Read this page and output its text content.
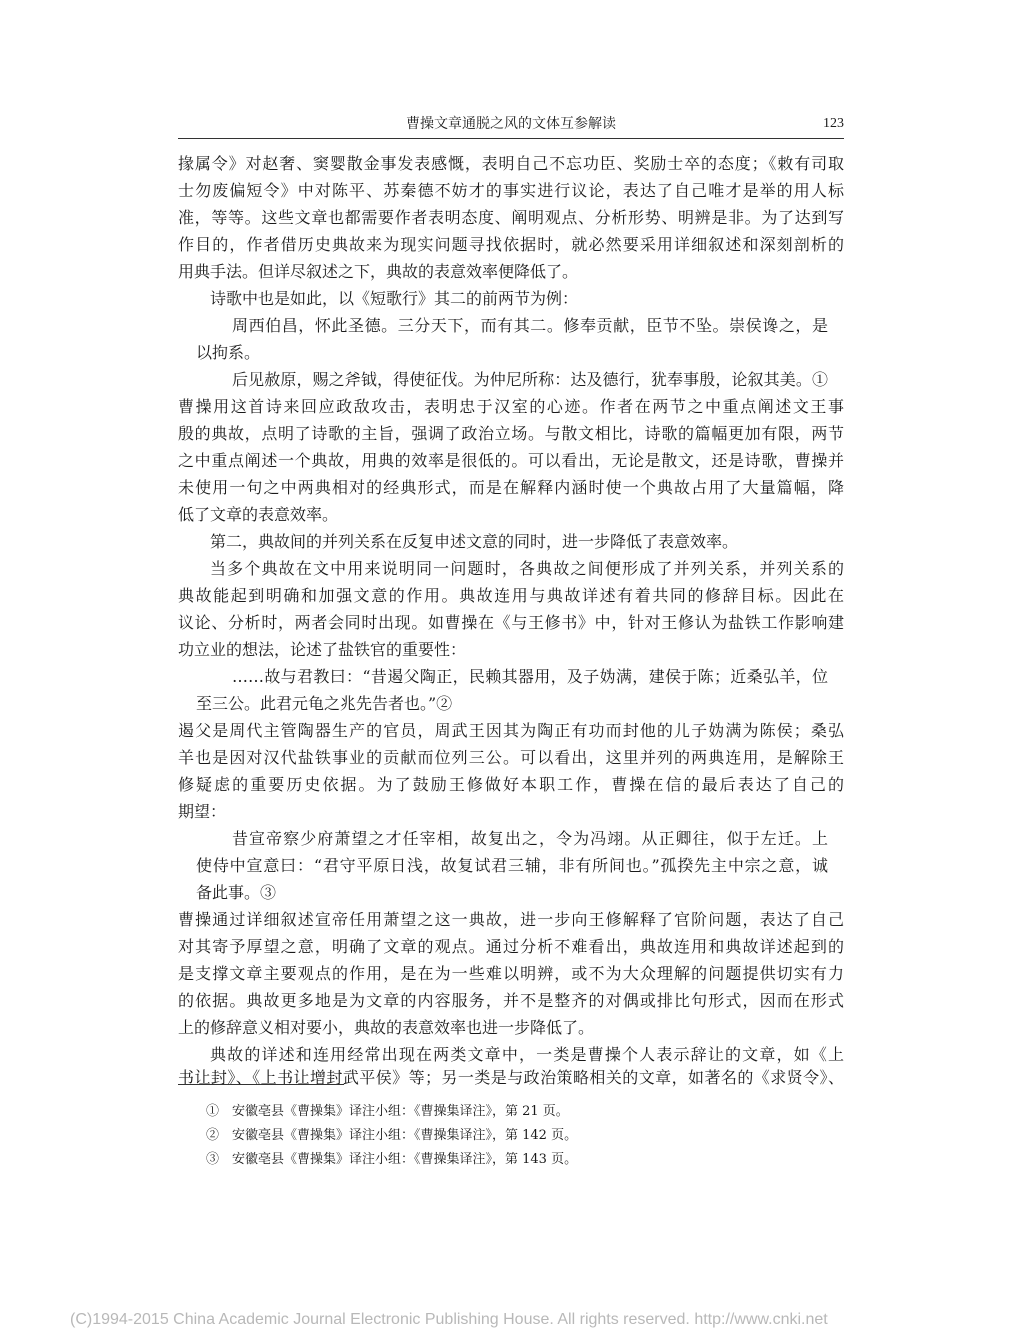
曹操文章通脱之风的文体互参解读	123
掾属令》对赵奢、窦婴散金事发表感慨，表明自己不忘功臣、奖励士卒的态度；《敕有司取
士勿废偏短令》中对陈平、苏秦德不妨才的事实进行议论，表达了自己唯才是举的用人标
准，等等。这些文章也都需要作者表明态度、阐明观点、分析形势、明辨是非。为了达到写
作目的，作者借历史典故来为现实问题寻找依据时，就必然要采用详细叙述和深刻剖析的
用典手法。但详尽叙述之下，典故的表意效率便降低了。
诗歌中也是如此，以《短歌行》其二的前两节为例：
周西伯昌，怀此圣德。三分天下，而有其二。修奉贡献，臣节不坠。崇侯谗之，是
以拘系。
后见赦原，赐之斧钺，得使征伐。为仲尼所称：达及德行，犹奉事殷，论叙其美。①
曹操用这首诗来回应政敌攻击，表明忠于汉室的心迹。作者在两节之中重点阐述文王事
殷的典故，点明了诗歌的主旨，强调了政治立场。与散文相比，诗歌的篇幅更加有限，两节
之中重点阐述一个典故，用典的效率是很低的。可以看出，无论是散文，还是诗歌，曹操并
未使用一句之中两典相对的经典形式，而是在解释内涵时使一个典故占用了大量篇幅，降
低了文章的表意效率。
第二，典故间的并列关系在反复申述文意的同时，进一步降低了表意效率。
当多个典故在文中用来说明同一问题时，各典故之间便形成了并列关系，并列关系的
典故能起到明确和加强文意的作用。典故连用与典故详述有着共同的修辞目标。因此在
议论、分析时，两者会同时出现。如曹操在《与王修书》中，针对王修认为盐铁工作影响建
功立业的想法，论述了盐铁官的重要性：
……故与君教曰：“昔遏父陶正，民赖其器用，及子妫满，建侯于陈；近桑弘羊，位
至三公。此君元龟之兆先告者也。”②
遏父是周代主管陶器生产的官员，周武王因其为陶正有功而封他的儿子妫满为陈侯；桑弘
羊也是因对汉代盐铁事业的贡献而位列三公。可以看出，这里并列的两典连用，是解除王
修疑虑的重要历史依据。为了鼓励王修做好本职工作，曹操在信的最后表达了自己的
期望：
昔宣帝察少府萧望之才任宰相，故复出之，令为冯翊。从正卿往，似于左迁。上
使侍中宣意曰：“君守平原日浅，故复试君三辅，非有所间也。”孤揆先主中宗之意，诚
备此事。③
曹操通过详细叙述宣帝任用萧望之这一典故，进一步向王修解释了官阶问题，表达了自己
对其寄予厚望之意，明确了文章的观点。通过分析不难看出，典故连用和典故详述起到的
是支撑文章主要观点的作用，是在为一些难以明辨，或不为大众理解的问题提供切实有力
的依据。典故更多地是为文章的内容服务，并不是整齐的对偶或排比句形式，因而在形式
上的修辞意义相对要小，典故的表意效率也进一步降低了。
典故的详述和连用经常出现在两类文章中，一类是曹操个人表示辞让的文章，如《上
书让封》、《上书让增封武平侯》等；另一类是与政治策略相关的文章，如著名的《求贤令》、
①　安徽亳县《曹操集》译注小组：《曹操集译注》，第 21 页。
②　安徽亳县《曹操集》译注小组：《曹操集译注》，第 142 页。
③　安徽亳县《曹操集》译注小组：《曹操集译注》，第 143 页。
(C)1994-2015 China Academic Journal Electronic Publishing House. All rights reserved. http://www.cnki.net
